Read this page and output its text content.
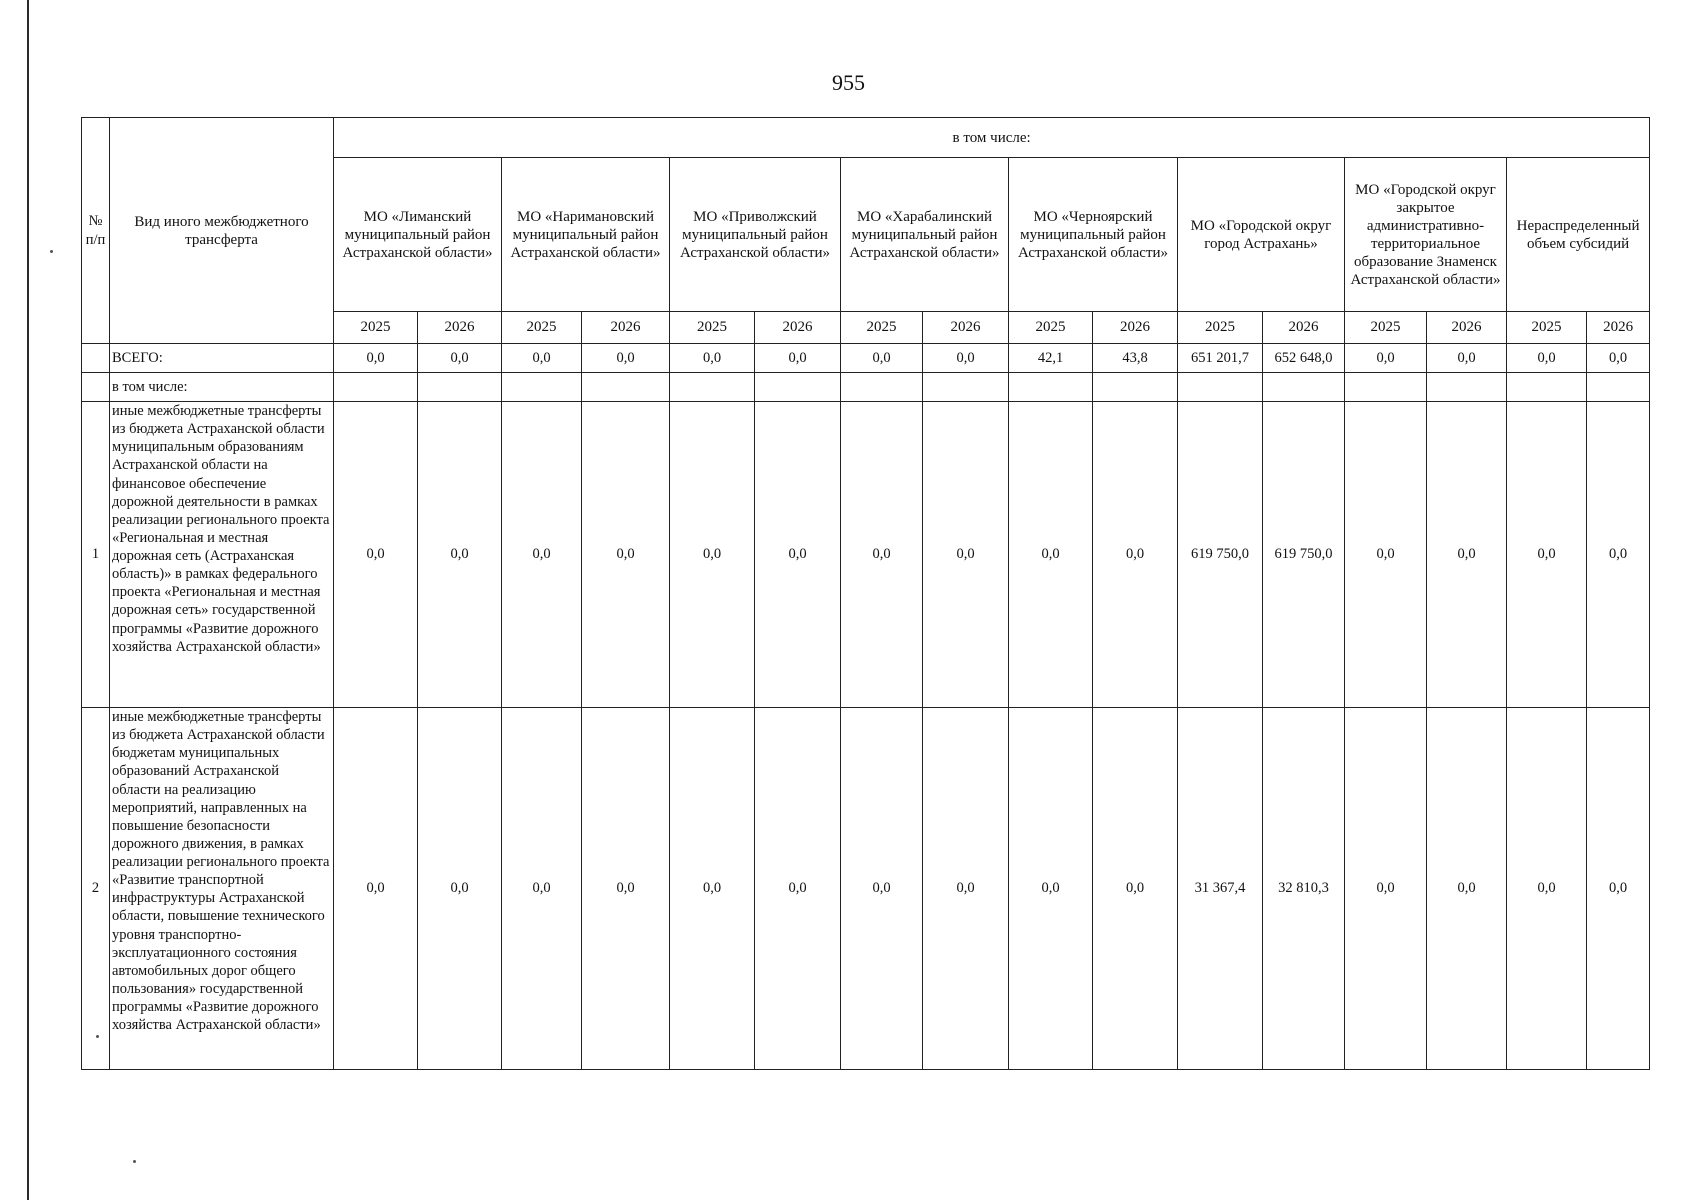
955
№ п/п	Вид иного межбюджетного трансферта	в том числе:															
		МО «Лиманский муниципальный район Астраханской области»		МО «Наримановский муниципальный район Астраханской области»		МО «Приволжский муниципальный район Астраханской области»		МО «Харабалинский муниципальный район Астраханской области»		МО «Черноярский муниципальный район Астраханской области»		МО «Городской округ город Астрахань»		МО «Городской округ закрытое административно-территориальное образование Знаменск Астраханской области»		Нераспределенный объем субсидий	
		2025	2026	2025	2026	2025	2026	2025	2026	2025	2026	2025	2026	2025	2026	2025	2026
	ВСЕГО:	0,0	0,0	0,0	0,0	0,0	0,0	0,0	0,0	42,1	43,8	651 201,7	652 648,0	0,0	0,0	0,0	0,0
	в том числе:																
1	иные межбюджетные трансферты из бюджета Астраханской области муниципальным образованиям Астраханской области на финансовое обеспечение дорожной деятельности в рамках реализации регионального проекта «Региональная и местная дорожная сеть (Астраханская область)» в рамках федерального проекта «Региональная и местная дорожная сеть» государственной программы «Развитие дорожного хозяйства Астраханской области»	0,0	0,0	0,0	0,0	0,0	0,0	0,0	0,0	0,0	0,0	619 750,0	619 750,0	0,0	0,0	0,0	0,0
2	иные межбюджетные трансферты из бюджета Астраханской области бюджетам муниципальных образований Астраханской области на реализацию мероприятий, направленных на повышение безопасности дорожного движения, в рамках реализации регионального проекта «Развитие транспортной инфраструктуры Астраханской области, повышение технического уровня транспортно-эксплуатационного состояния автомобильных дорог общего пользования» государственной программы «Развитие дорожного хозяйства Астраханской области»	0,0	0,0	0,0	0,0	0,0	0,0	0,0	0,0	0,0	0,0	31 367,4	32 810,3	0,0	0,0	0,0	0,0
